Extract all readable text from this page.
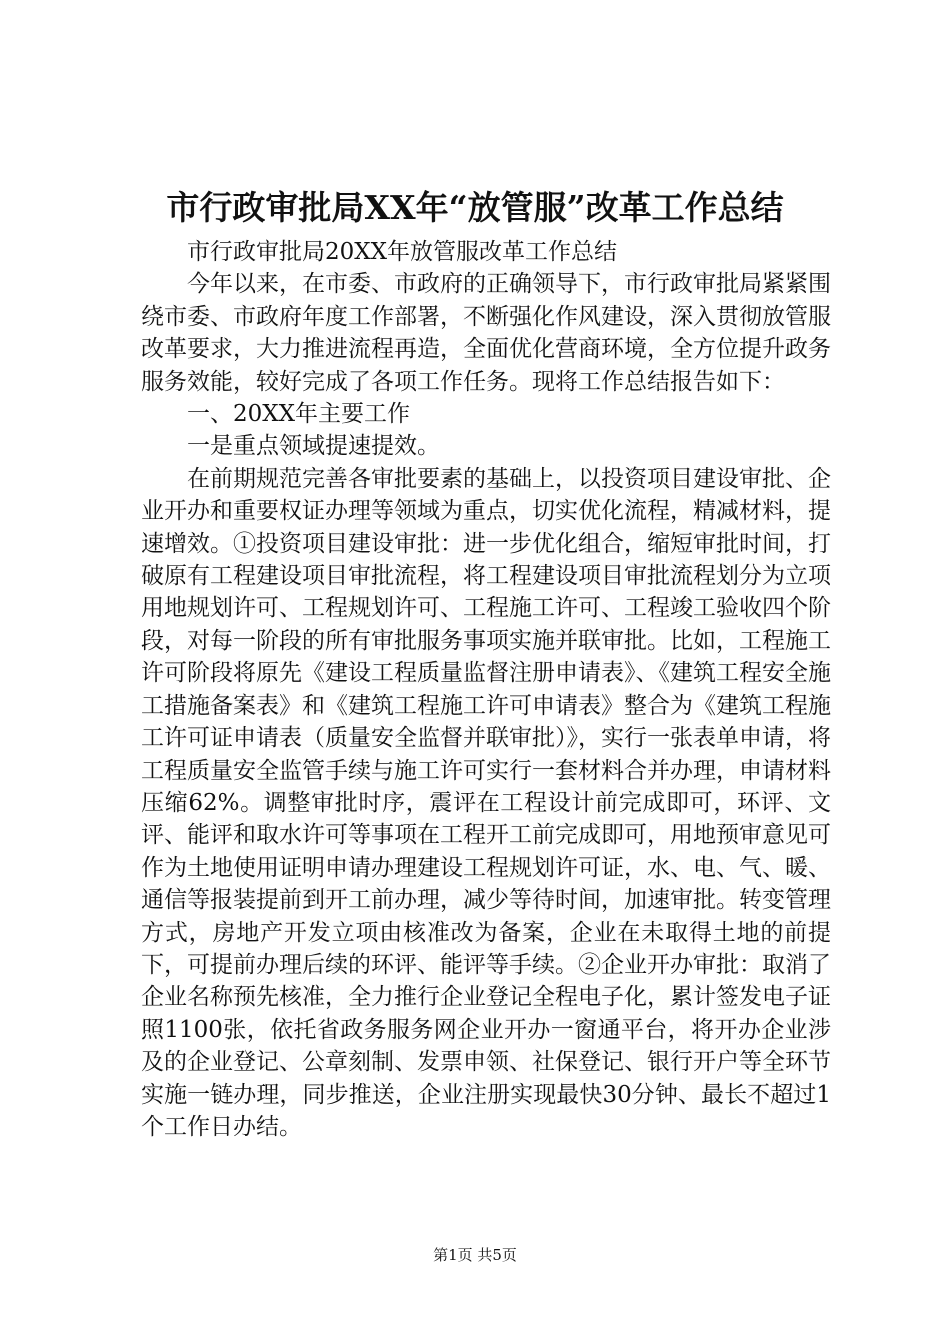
市行政审批局XX年“放管服”改革工作总结

市行政审批局20XX年放管服改革工作总结

今年以来，在市委、市政府的正确领导下，市行政审批局紧紧围绕市委、市政府年度工作部署，不断强化作风建设，深入贯彻放管服改革要求，大力推进流程再造，全面优化营商环境，全方位提升政务服务效能，较好完成了各项工作任务。现将工作总结报告如下：

一、20XX年主要工作

一是重点领域提速提效。

在前期规范完善各审批要素的基础上，以投资项目建设审批、企业开办和重要权证办理等领域为重点，切实优化流程，精减材料，提速增效。①投资项目建设审批：进一步优化组合，缩短审批时间，打破原有工程建设项目审批流程，将工程建设项目审批流程划分为立项用地规划许可、工程规划许可、工程施工许可、工程竣工验收四个阶段，对每一阶段的所有审批服务事项实施并联审批。比如，工程施工许可阶段将原先《建设工程质量监督注册申请表》、《建筑工程安全施工措施备案表》和《建筑工程施工许可申请表》整合为《建筑工程施工许可证申请表（质量安全监督并联审批）》，实行一张表单申请，将工程质量安全监管手续与施工许可实行一套材料合并办理，申请材料压缩62%。调整审批时序，震评在工程设计前完成即可，环评、文评、能评和取水许可等事项在工程开工前完成即可，用地预审意见可作为土地使用证明申请办理建设工程规划许可证，水、电、气、暖、通信等报装提前到开工前办理，减少等待时间，加速审批。转变管理方式，房地产开发立项由核准改为备案，企业在未取得土地的前提下，可提前办理后续的环评、能评等手续。②企业开办审批：取消了企业名称预先核准，全力推行企业登记全程电子化，累计签发电子证照1100张，依托省政务服务网企业开办一窗通平台，将开办企业涉及的企业登记、公章刻制、发票申领、社保登记、银行开户等全环节实施一链办理，同步推送，企业注册实现最快30分钟、最长不超过1个工作日办结。

第1页 共5页
